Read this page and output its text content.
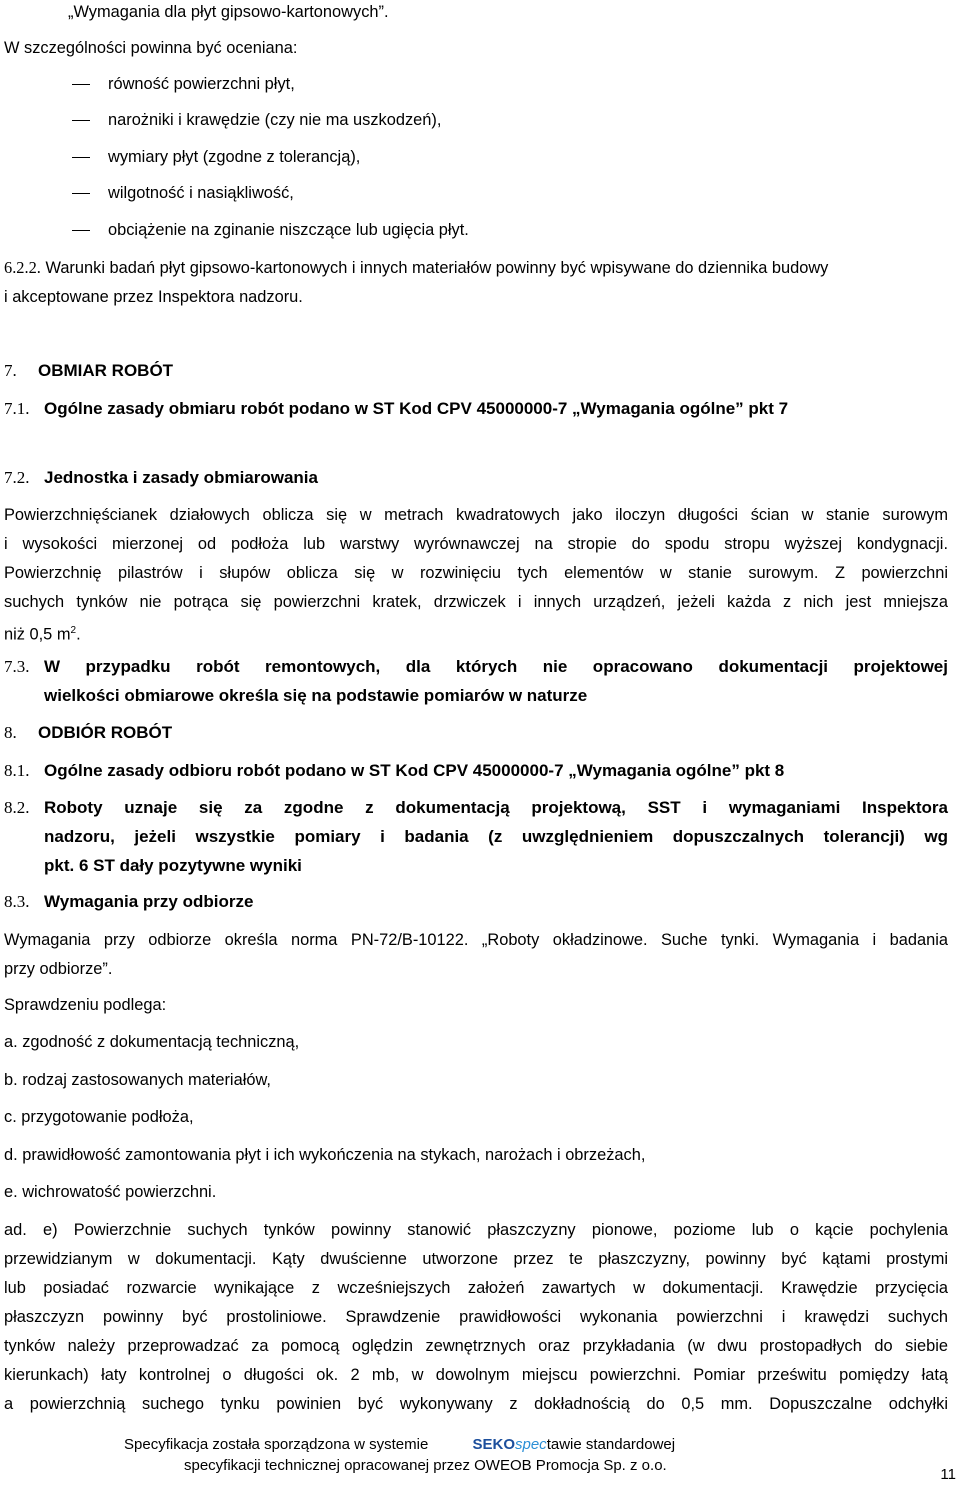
„Wymagania dla płyt gipsowo-kartonowych”.
W szczególności powinna być oceniana:
równość powierzchni płyt,
narożniki i krawędzie (czy nie ma uszkodzeń),
wymiary płyt (zgodne z tolerancją),
wilgotność i nasiąkliwość,
obciążenie na zginanie niszczące lub ugięcia płyt.
6.2.2. Warunki badań płyt gipsowo-kartonowych i innych materiałów powinny być wpisywane do dziennika budowy
i akceptowane przez Inspektora nadzoru.
7. OBMIAR ROBÓT
7.1. Ogólne zasady obmiaru robót podano w ST Kod CPV 45000000-7 „Wymagania ogólne” pkt 7
7.2. Jednostka i zasady obmiarowania
Powierzchnięścianek działowych oblicza się w metrach kwadratowych jako iloczyn długości ścian w stanie surowym
i wysokości mierzonej od podłoża lub warstwy wyrównawczej na stropie do spodu stropu wyższej kondygnacji.
Powierzchnię pilastrów i słupów oblicza się w rozwinięciu tych elementów w stanie surowym. Z powierzchni
suchych tynków nie potrąca się powierzchni kratek, drzwiczek i innych urządzeń, jeżeli każda z nich jest mniejsza
niż 0,5 $m^2$.
7.3. W przypadku robót remontowych, dla których nie opracowano dokumentacji projektowej
wielkości obmiarowe określa się na podstawie pomiarów w naturze
8. ODBIÓR ROBÓT
8.1. Ogólne zasady odbioru robót podano w ST Kod CPV 45000000-7 „Wymagania ogólne” pkt 8
8.2. Roboty uznaje się za zgodne z dokumentacją projektową, SST i wymaganiami Inspektora
nadzoru, jeżeli wszystkie pomiary i badania (z uwzględnieniem dopuszczalnych tolerancji) wg
pkt. 6 ST dały pozytywne wyniki
8.3. Wymagania przy odbiorze
Wymagania przy odbiorze określa norma PN-72/B-10122. „Roboty okładzinowe. Suche tynki. Wymagania i badania
przy odbiorze”.
Sprawdzeniu podlega:
a. zgodność z dokumentacją techniczną,
b. rodzaj zastosowanych materiałów,
c. przygotowanie podłoża,
d. prawidłowość zamontowania płyt i ich wykończenia na stykach, narożach i obrzeżach,
e. wichrowatość powierzchni.
ad. e) Powierzchnie suchych tynków powinny stanowić płaszczyzny pionowe, poziome lub o kącie pochylenia
przewidzianym w dokumentacji. Kąty dwuścienne utworzone przez te płaszczyzny, powinny być kątami prostymi
lub posiadać rozwarcie wynikające z wcześniejszych założeń zawartych w dokumentacji. Krawędzie przycięcia
płaszczyzn powinny być prostoliniowe. Sprawdzenie prawidłowości wykonania powierzchni i krawędzi suchych
tynków należy przeprowadzać za pomocą oględzin zewnętrznych oraz przykładania (w dwu prostopadłych do siebie
kierunkach) łaty kontrolnej o długości ok. 2 mb, w dowolnym miejscu powierzchni. Pomiar prześwitu pomiędzy łatą
a powierzchnią suchego tynku powinien być wykonywany z dokładnością do 0,5 mm. Dopuszczalne odchyłki
Specyfikacja została sporządzona w systemie	SEKOspectawie standardowej
specyfikacji technicznej opracowanej przez OWEOB Promocja Sp. z o.o.
11
